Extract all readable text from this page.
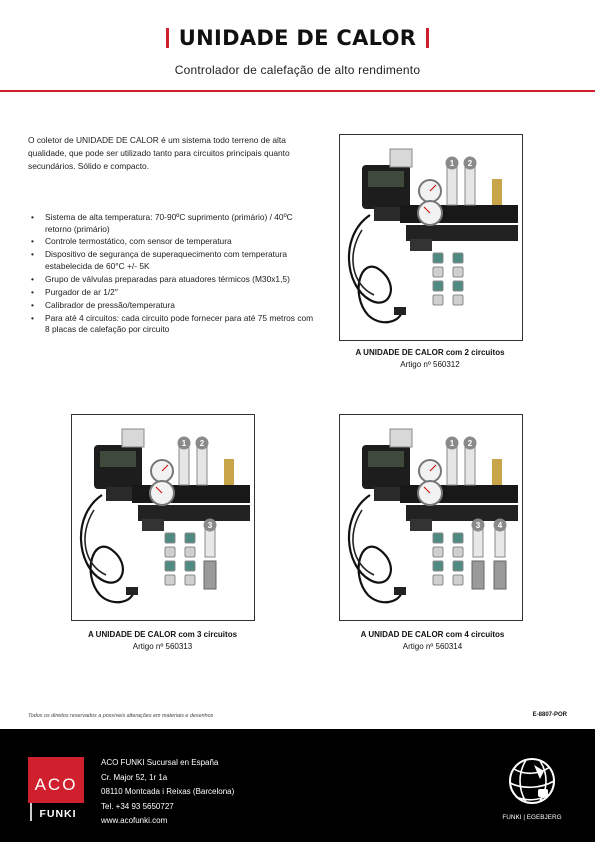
UNIDADE DE CALOR
Controlador de calefação de alto rendimento

O coletor de UNIDADE DE CALOR é um sistema todo terreno de alta qualidade, que pode ser utilizado tanto para circuitos principais quanto secundários. Sólido e compacto.

• Sistema de alta temperatura: 70-90ºC suprimento (primário) / 40ºC retorno (primário)
• Controle termostático, com sensor de temperatura
• Dispositivo de segurança de superaquecimento com temperatura estabelecida de 60°C +/- 5K
• Grupo de válvulas preparadas para atuadores térmicos (M30x1,5)
• Purgador de ar 1/2″
• Calibrador de pressão/temperatura
• Para até 4 circuitos: cada circuito pode fornecer para até 75 metros com 8 placas de calefação por circuito
1 2
A UNIDADE DE CALOR com 2 circuitos
Artigo nº 560312
1 2
3
A UNIDADE DE CALOR com 3 circuitos
Artigo nº 560313
1 2
3 4
A UNIDAD DE CALOR com 4 circuitos
Artigo nº 560314
Todos os direitos reservados a possíveis alterações em materiais e desenhos	E-8807-POR
ACO
FUNKI
ACO FUNKI Sucursal en España
Cr. Major 52, 1r 1a
08110 Montcada i Reixas (Barcelona)
Tel. +34 93 5650727
www.acofunki.com	FUNKI | EGEBJERG
